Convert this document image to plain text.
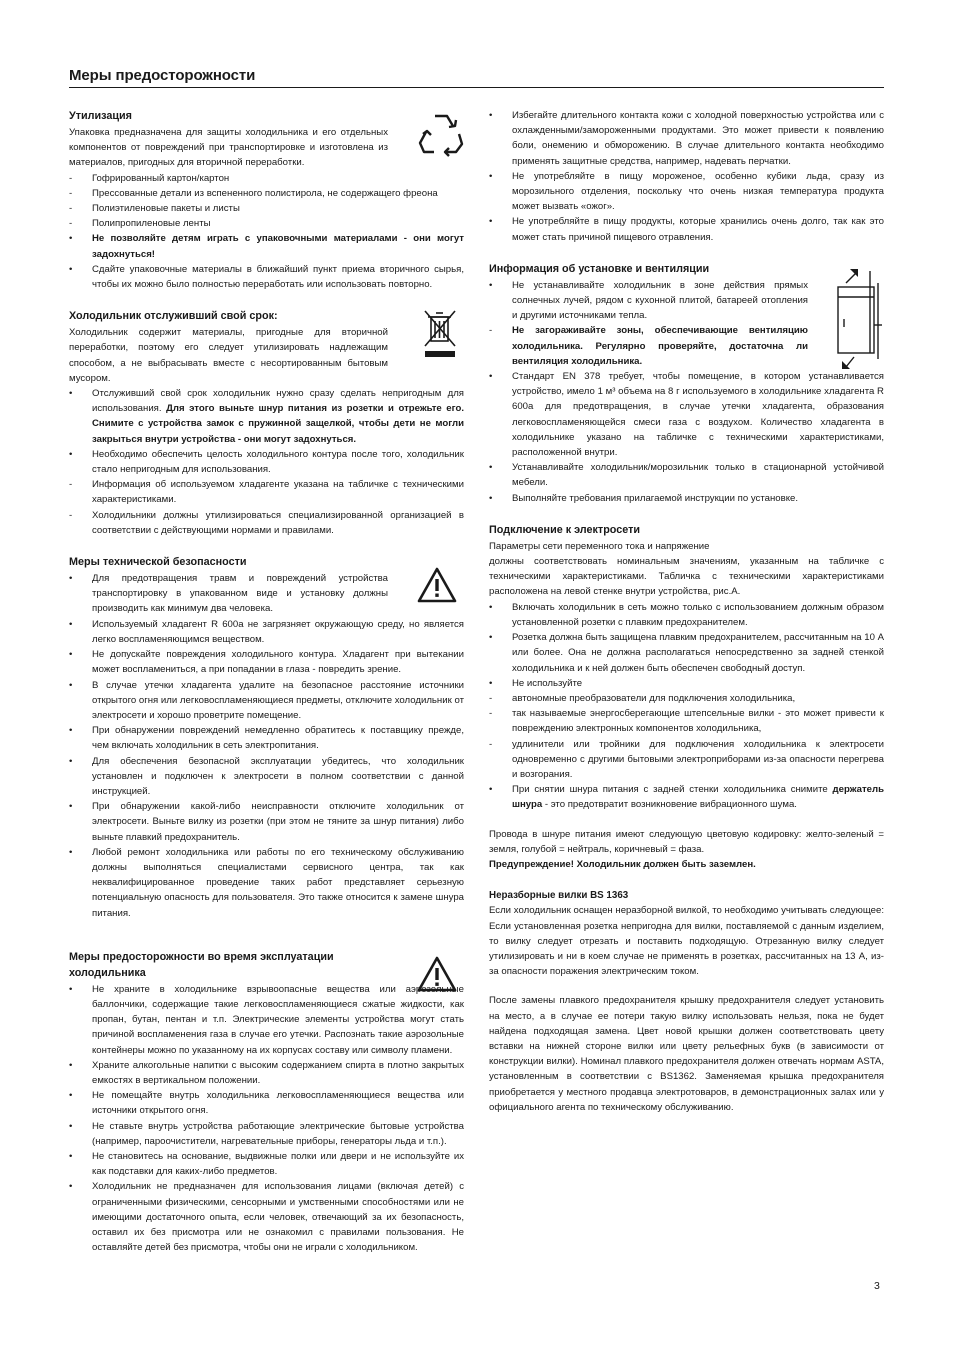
Меры предосторожности
Утилизация

Упаковка предназначена для защиты холодильника и его отдельных компонентов от повреждений при транспортировке и изготовлена из материалов, пригодных для вторичной переработки.

-	Гофрированный картон/картон
-	Прессованные детали из вспененного полистирола, не содержащего фреона
-	Полиэтиленовые пакеты и листы
-	Полипропиленовые ленты
•	Не позволяйте детям играть с упаковочными материалами - они могут задохнуться!
•	Сдайте упаковочные материалы в ближайший пункт приема вторичного сырья, чтобы их можно было полностью переработать или использовать повторно.
Холодильник отслуживший свой срок:

Холодильник содержит материалы, пригодные для вторичной переработки, поэтому его следует утилизировать надлежащим способом, а не выбрасывать вместе с несортированным бытовым мусором.

•	Отслуживший свой срок холодильник нужно сразу сделать непригодным для использования. Для этого выньте шнур питания из розетки и отрежьте его. Снимите с устройства замок с пружинной защелкой, чтобы дети не могли закрыться внутри устройства - они могут задохнуться.
•	Необходимо обеспечить целость холодильного контура после того, холодильник стало непригодным для использования.
-	Информация об используемом хладагенте указана на табличке с техническими характеристиками.
-	Холодильники должны утилизироваться специализированной организацией в соответствии с действующими нормами и правилами.
Меры технической безопасности
•	Для предотвращения травм и повреждений устройства транспортировку в упакованном виде и установку должны производить как минимум два человека.
•	Используемый хладагент R 600a не загрязняет окружающую среду, но является легко воспламеняющимся веществом.
•	Не допускайте повреждения холодильного контура. Хладагент при вытекании может воспламениться, а при попадании в глаза - повредить зрение.
•	В случае утечки хладагента удалите на безопасное расстояние источники открытого огня или легковоспламеняющиеся предметы, отключите холодильник от электросети и хорошо проветрите помещение.
•	При обнаружении повреждений немедленно обратитесь к поставщику прежде, чем включать холодильник в сеть электропитания.
•	Для обеспечения безопасной эксплуатации убедитесь, что холодильник установлен и подключен к электросети в полном соответствии с данной инструкцией.
•	При обнаружении какой-либо неисправности отключите холодильник от электросети. Выньте вилку из розетки (при этом не тяните за шнур питания) либо выньте плавкий предохранитель.
•	Любой ремонт холодильника или работы по его техническому обслуживанию должны выполняться специалистами сервисного центра, так как неквалифицированное проведение таких работ представляет серьезную потенциальную опасность для пользователя. Это также относится к замене шнура питания.
Меры предосторожности во время эксплуатации холодильника
•	Не храните в холодильнике взрывоопасные вещества или аэрозольные баллончики, содержащие такие легковоспламеняющиеся сжатые жидкости, как пропан, бутан, пентан и т.п. Электрические элементы устройства могут стать причиной воспламенения газа в случае его утечки. Распознать такие аэрозольные контейнеры можно по указанному на их корпусах составу или символу пламени.
•	Храните алкогольные напитки с высоким содержанием спирта в плотно закрытых емкостях в вертикальном положении.
•	Не помещайте внутрь холодильника легковоспламеняющиеся вещества или источники открытого огня.
•	Не ставьте внутрь устройства работающие электрические бытовые устройства (например, пароочистители, нагревательные приборы, генераторы льда и т.п.).
•	Не становитесь на основание, выдвижные полки или двери и не используйте их как подставки для каких-либо предметов.
•	Холодильник не предназначен для использования лицами (включая детей) с ограниченными физическими, сенсорными и умственными способностями или не имеющими достаточного опыта, если человек, отвечающий за их безопасность, оставил их без присмотра или не ознакомил с правилами пользования. Не оставляйте детей без присмотра, чтобы они не играли с холодильником.
•	Избегайте длительного контакта кожи с холодной поверхностью устройства или с охлажденными/замороженными продуктами. Это может привести к появлению боли, онемению и обморожению. В случае длительного контакта необходимо применять защитные средства, например, надевать перчатки.
•	Не употребляйте в пищу мороженое, особенно кубики льда, сразу из морозильного отделения, поскольку что очень низкая температура продукта может вызвать «ожог».
•	Не употребляйте в пищу продукты, которые хранились очень долго, так как это может стать причиной пищевого отравления.
Информация об установке и вентиляции
•	Не устанавливайте холодильник в зоне действия прямых солнечных лучей, рядом с кухонной плитой, батареей отопления и другими источниками тепла.
-	Не загораживайте зоны, обеспечивающие вентиляцию холодильника. Регулярно проверяйте, достаточна ли вентиляция холодильника.
•	Стандарт EN 378 требует, чтобы помещение, в котором устанавливается устройство, имело 1 м³ объема на 8 г используемого в холодильнике хладагента R 600a для предотвращения, в случае утечки хладагента, образования легковоспламеняющейся смеси газа с воздухом. Количество хладагента в холодильнике указано на табличке с техническими характеристиками, расположенной внутри.
•	Устанавливайте холодильник/морозильник только в стационарной устойчивой мебели.
•	Выполняйте требования прилагаемой инструкции по установке.
Подключение к электросети

Параметры сети переменного тока и напряжение

должны соответствовать номинальным значениям, указанным на табличке с техническими характеристиками. Табличка с техническими характеристиками расположена на левой стенке внутри устройства, рис.А.

•	Включать холодильник в сеть можно только с использованием должным образом установленной розетки с плавким предохранителем.
•	Розетка должна быть защищена плавким предохранителем, рассчитанным на 10 А или более. Она не должна располагаться непосредственно за задней стенкой холодильника и к ней должен быть обеспечен свободный доступ.
•	Не используйте
-	автономные преобразователи для подключения холодильника,
-	так называемые энергосберегающие штепсельные вилки - это может привести к повреждению электронных компонентов холодильника,
-	удлинители или тройники для подключения холодильника к электросети одновременно с другими бытовыми электроприборами из-за опасности перегрева и возгорания.
•	При снятии шнура питания с задней стенки холодильника снимите держатель шнура - это предотвратит возникновение вибрационного шума.

Провода в шнуре питания имеют следующую цветовую кодировку: желто-зеленый = земля, голубой = нейтраль, коричневый = фаза.

Предупреждение! Холодильник должен быть заземлен.

Неразборные вилки BS 1363

Если холодильник оснащен неразборной вилкой, то необходимо учитывать следующее: Если установленная розетка непригодна для вилки, поставляемой с данным изделием, то вилку следует отрезать и поставить подходящую. Отрезанную вилку следует утилизировать и ни в коем случае не применять в розетках, рассчитанных на 13 А, из-за опасности поражения электрическим током.

После замены плавкого предохранителя крышку предохранителя следует установить на место, а в случае ее потери такую вилку использовать нельзя, пока не будет найдена подходящая замена. Цвет новой крышки должен соответствовать цвету вставки на нижней стороне вилки или цвету рельефных букв (в зависимости от конструкции вилки). Номинал плавкого предохранителя должен отвечать нормам ASTA, установленным в соответствии с BS1362. Заменяемая крышка предохранителя приобретается у местного продавца электротоваров, в демонстрационных залах или у официального агента по техническому обслуживанию.

3
